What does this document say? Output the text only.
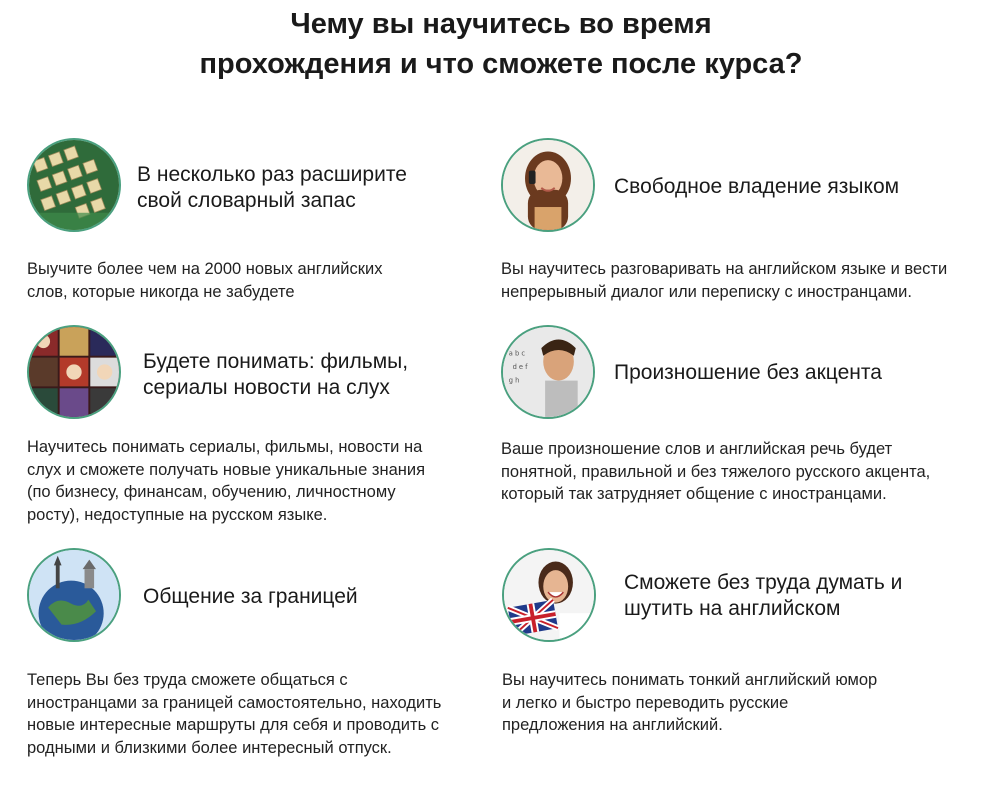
Чему вы научитесь во время
прохождения и что сможете после курса?
В несколько раз расширите
свой словарный запас
Выучите более чем на 2000 новых английских
слов, которые никогда не забудете
Свободное владение языком
Вы научитесь разговаривать на английском языке и вести
непрерывный диалог или переписку с иностранцами.
Будете понимать: фильмы,
сериалы новости на слух
Научитесь понимать сериалы, фильмы, новости на
слух и сможете получать новые уникальные знания
(по бизнесу, финансам, обучению, личностному
росту), недоступные на русском языке.
a b c
d e f
g h	Произношение без акцента
Ваше произношение слов и английская речь будет
понятной, правильной и без тяжелого русского акцента,
который так затрудняет общение с иностранцами.
Общение за границей
Теперь Вы без труда сможете общаться с
иностранцами за границей самостоятельно, находить
новые интересные маршруты для себя и проводить с
родными и близкими более интересный отпуск.
Сможете без труда думать и
шутить на английском
Вы научитесь понимать тонкий английский юмор
и легко и быстро переводить русские
предложения на английский.
